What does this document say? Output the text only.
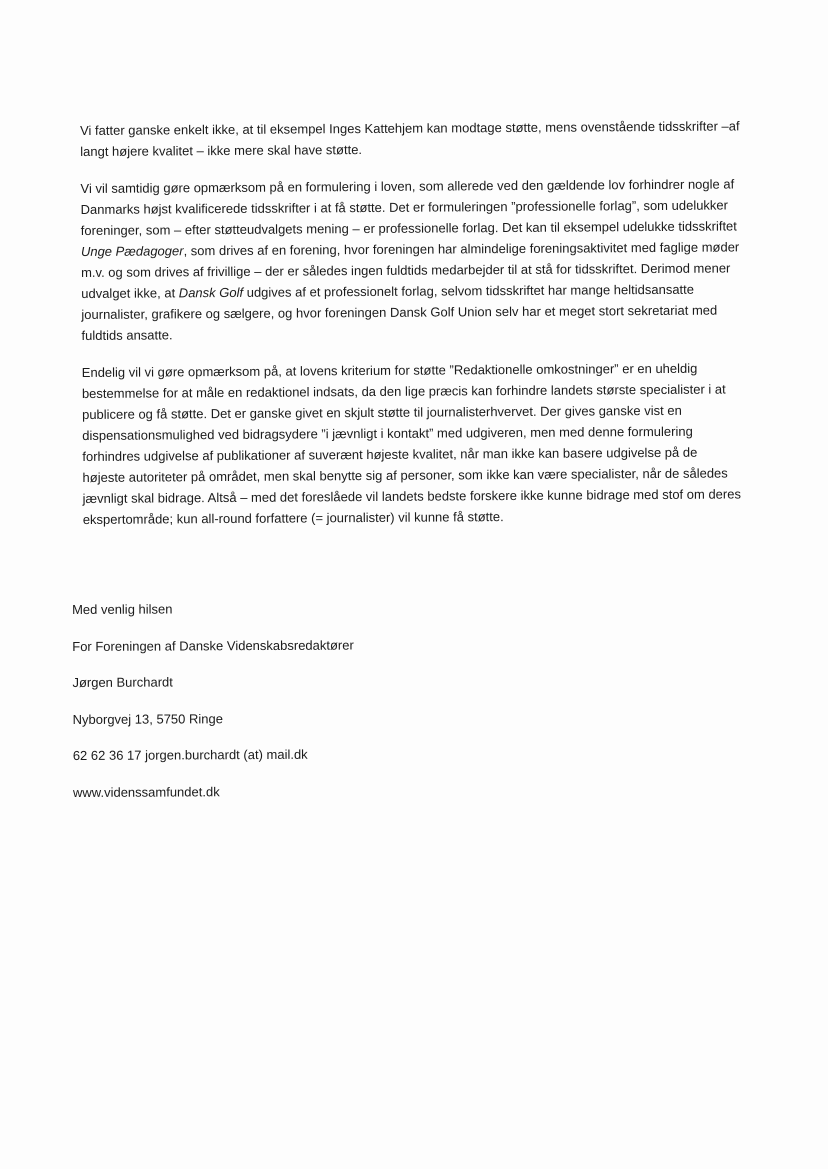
Vi fatter ganske enkelt ikke, at til eksempel Inges Kattehjem kan modtage støtte, mens ovenstående tidsskrifter –af langt højere kvalitet – ikke mere skal have støtte.

Vi vil samtidig gøre opmærksom på en formulering i loven, som allerede ved den gældende lov forhindrer nogle af Danmarks højst kvalificerede tidsskrifter i at få støtte. Det er formuleringen ”professionelle forlag”, som udelukker foreninger, som – efter støtteudvalgets mening – er professionelle forlag. Det kan til eksempel udelukke tidsskriftet Unge Pædagoger, som drives af en forening, hvor foreningen har almindelige foreningsaktivitet med faglige møder m.v. og som drives af frivillige – der er således ingen fuldtids medarbejder til at stå for tidsskriftet. Derimod mener udvalget ikke, at Dansk Golf udgives af et professionelt forlag, selvom tidsskriftet har mange heltidsansatte journalister, grafikere og sælgere, og hvor foreningen Dansk Golf Union selv har et meget stort sekretariat med fuldtids ansatte.

Endelig vil vi gøre opmærksom på, at lovens kriterium for støtte ”Redaktionelle omkostninger” er en uheldig bestemmelse for at måle en redaktionel indsats, da den lige præcis kan forhindre landets største specialister i at publicere og få støtte. Det er ganske givet en skjult støtte til journalisterhvervet. Der gives ganske vist en dispensationsmulighed ved bidragsydere ”i jævnligt i kontakt” med udgiveren, men med denne formulering forhindres udgivelse af publikationer af suverænt højeste kvalitet, når man ikke kan basere udgivelse på de højeste autoriteter på området, men skal benytte sig af personer, som ikke kan være specialister, når de således jævnligt skal bidrage. Altså – med det foreslåede vil landets bedste forskere ikke kunne bidrage med stof om deres ekspertområde; kun all-round forfattere (= journalister) vil kunne få støtte.

Med venlig hilsen
For Foreningen af Danske Videnskabsredaktører
Jørgen Burchardt
Nyborgvej 13, 5750 Ringe
62 62 36 17 jorgen.burchardt (at) mail.dk
www.videnssamfundet.dk
